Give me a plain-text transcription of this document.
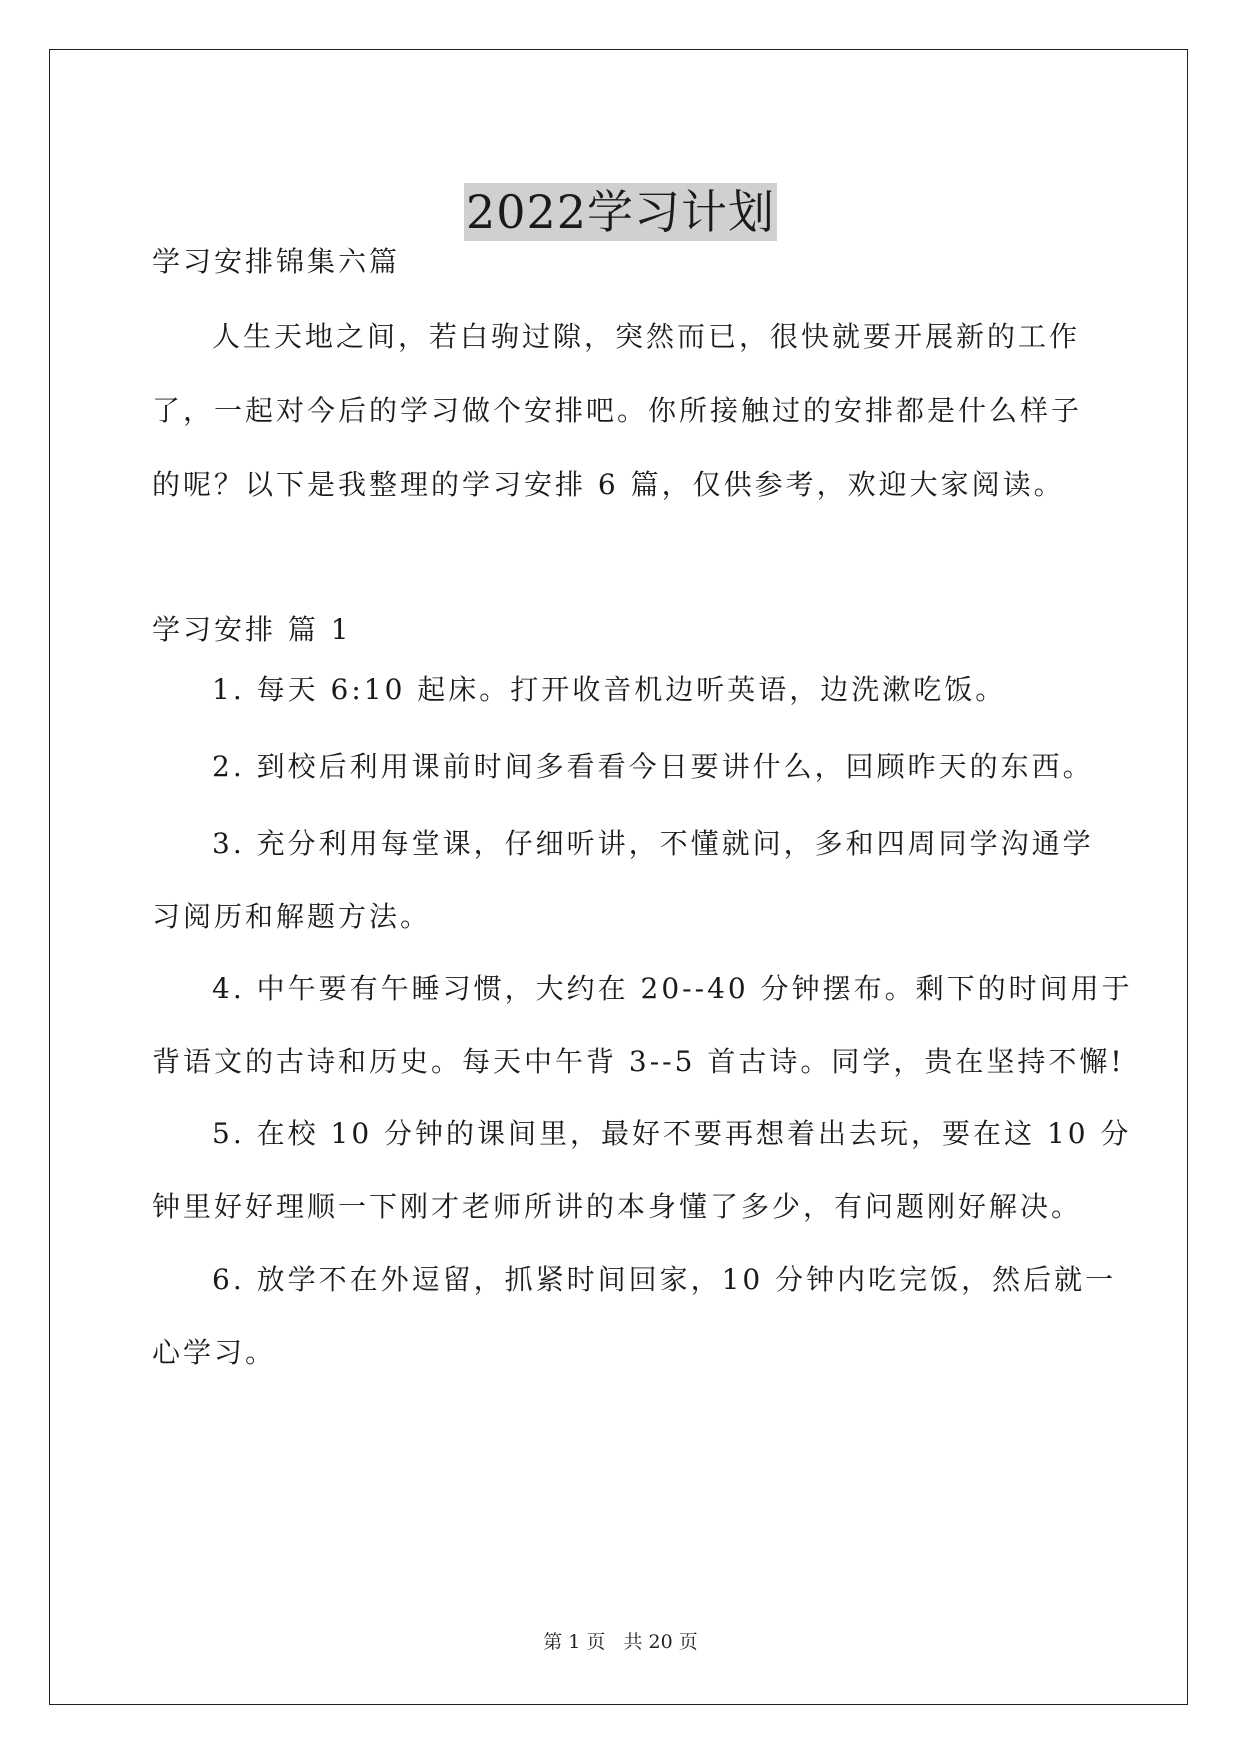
2022学习计划
学习安排锦集六篇
人生天地之间，若白驹过隙，突然而已，很快就要开展新的工作
了，一起对今后的学习做个安排吧。你所接触过的安排都是什么样子
的呢？以下是我整理的学习安排 6 篇，仅供参考，欢迎大家阅读。
学习安排 篇 1
1. 每天 6:10 起床。打开收音机边听英语，边洗漱吃饭。
2. 到校后利用课前时间多看看今日要讲什么，回顾昨天的东西。
3. 充分利用每堂课，仔细听讲，不懂就问，多和四周同学沟通学
习阅历和解题方法。
4. 中午要有午睡习惯，大约在 20--40 分钟摆布。剩下的时间用于
背语文的古诗和历史。每天中午背 3--5 首古诗。同学，贵在坚持不懈!
5. 在校 10 分钟的课间里，最好不要再想着出去玩，要在这 10 分
钟里好好理顺一下刚才老师所讲的本身懂了多少，有问题刚好解决。
6. 放学不在外逗留，抓紧时间回家，10 分钟内吃完饭，然后就一
心学习。
第 1 页 共 20 页
